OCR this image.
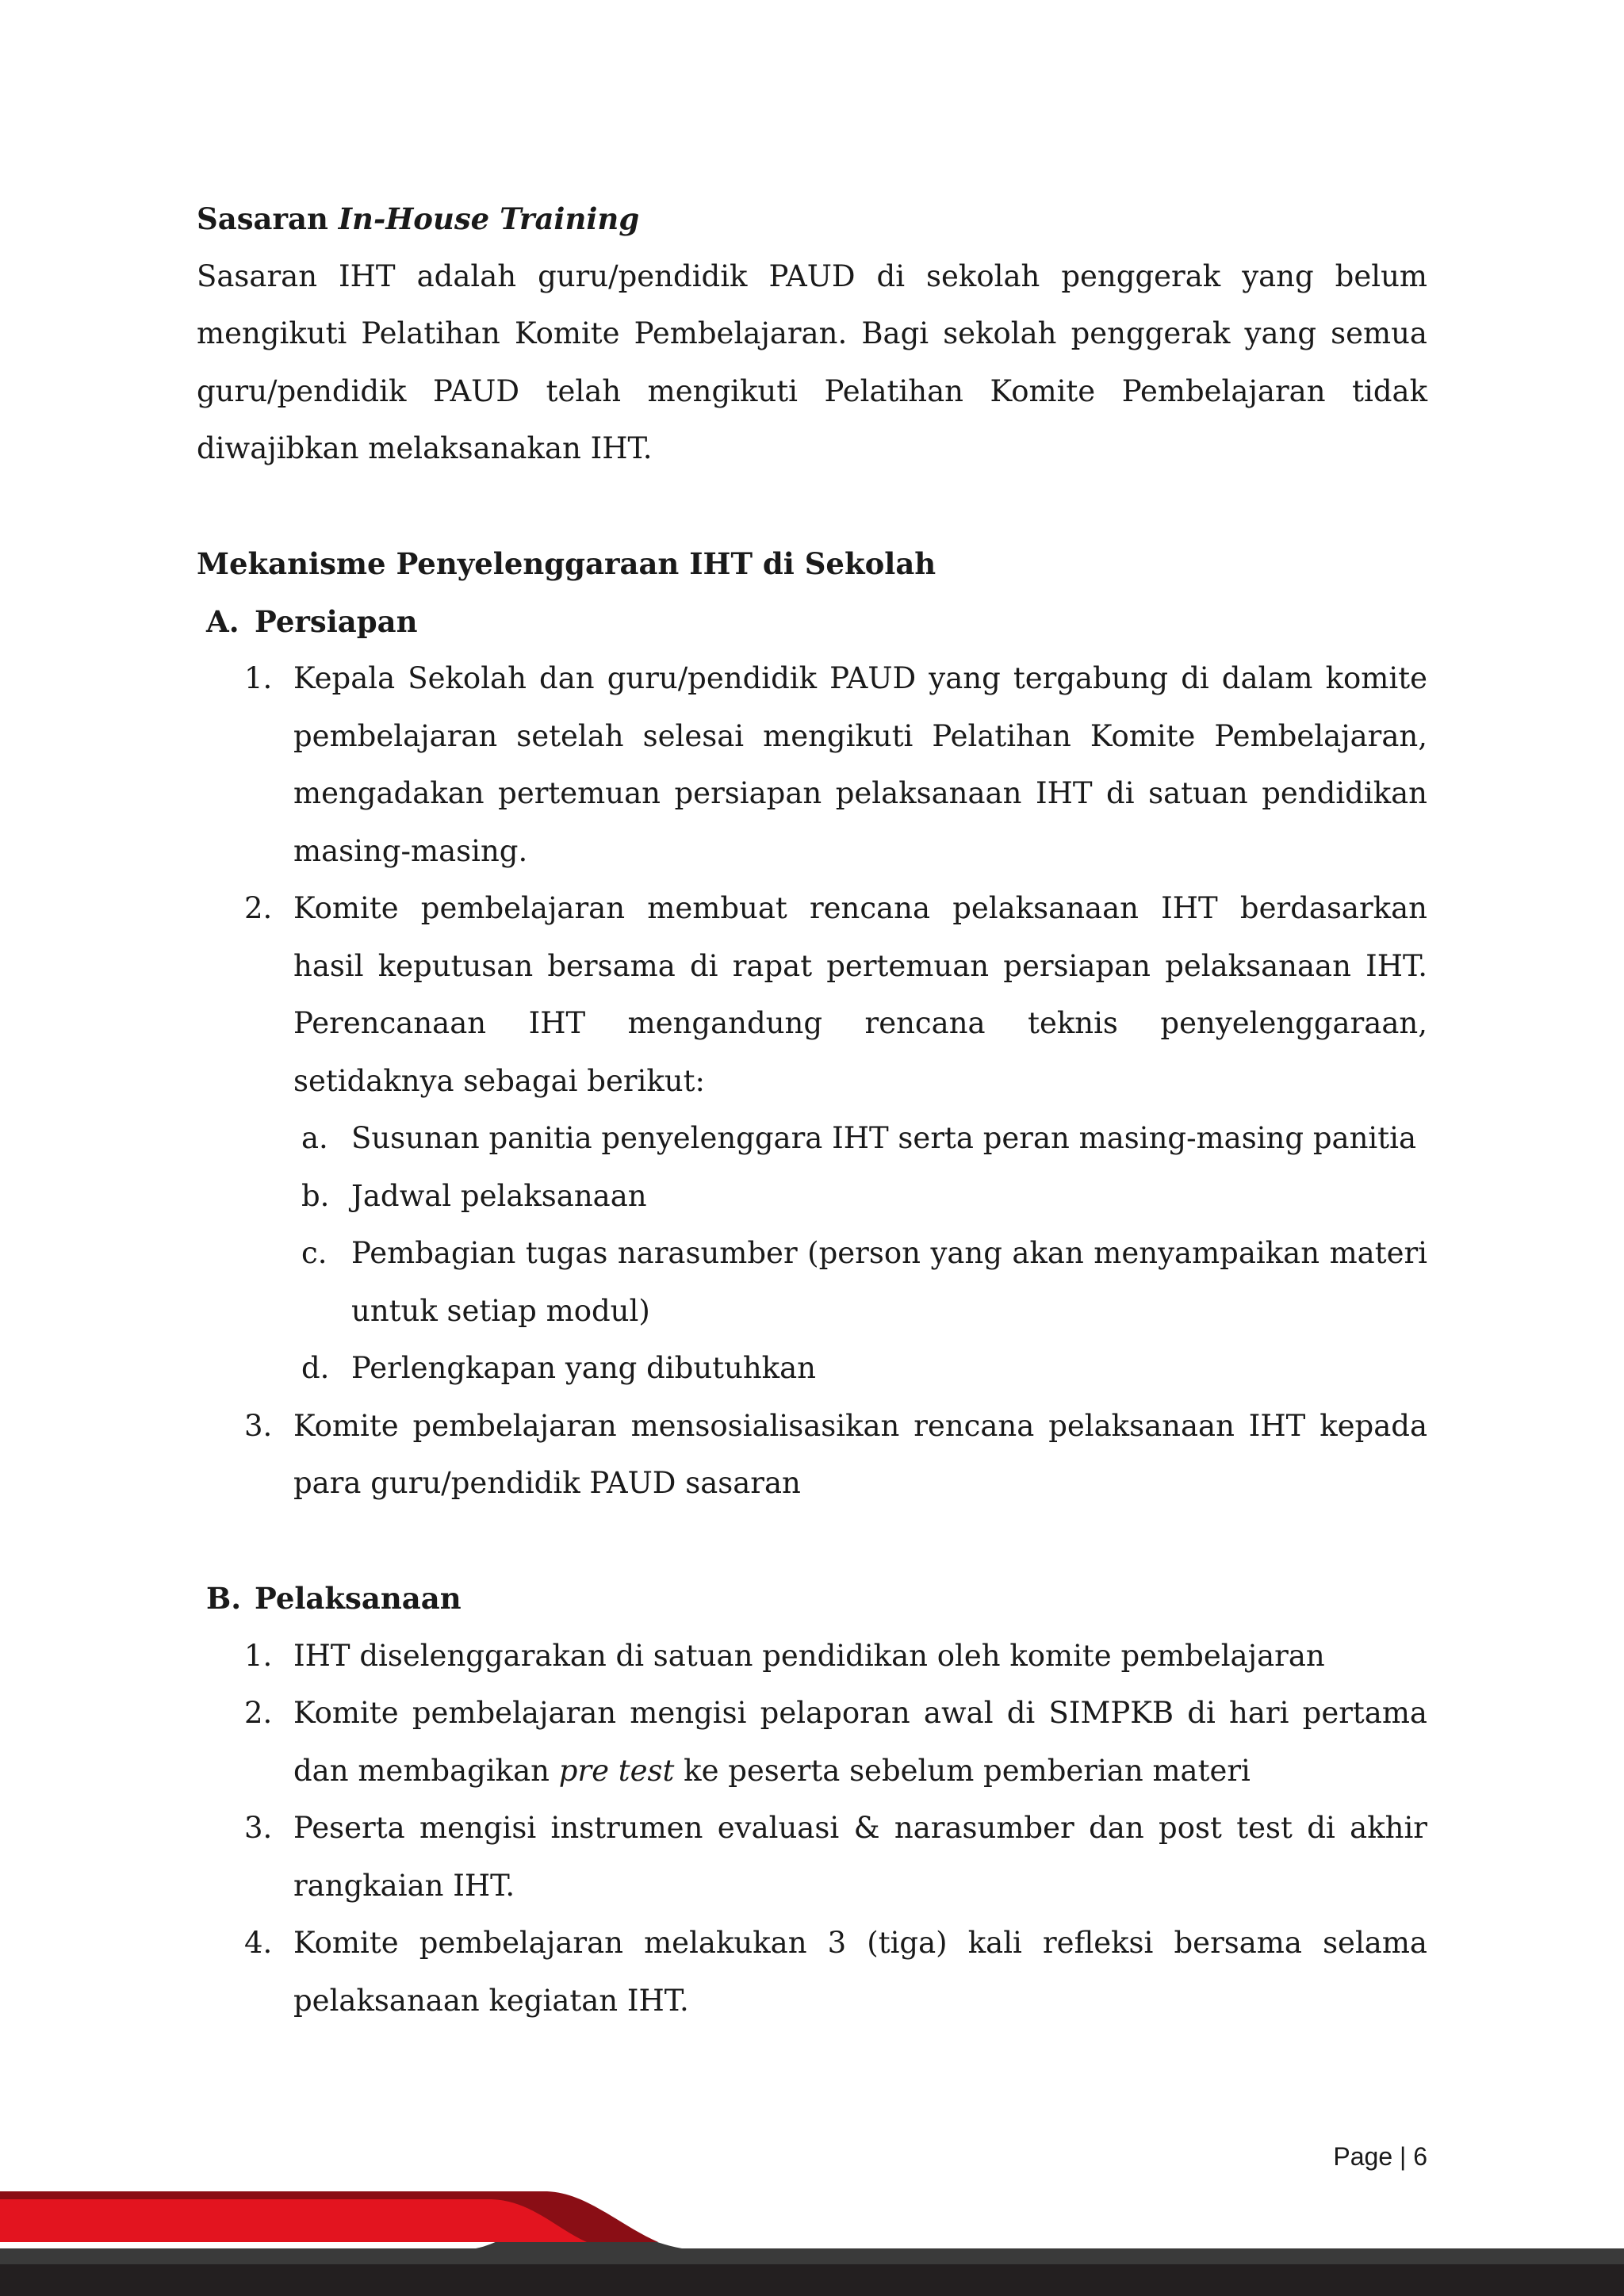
Sasaran In-House Training

Sasaran IHT adalah guru/pendidik PAUD di sekolah penggerak yang belum mengikuti Pelatihan Komite Pembelajaran. Bagi sekolah penggerak yang semua guru/pendidik PAUD telah mengikuti Pelatihan Komite Pembelajaran tidak diwajibkan melaksanakan IHT.

Mekanisme Penyelenggaraan IHT di Sekolah

A. Persiapan

1. Kepala Sekolah dan guru/pendidik PAUD yang tergabung di dalam komite pembelajaran setelah selesai mengikuti Pelatihan Komite Pembelajaran, mengadakan pertemuan persiapan pelaksanaan IHT di satuan pendidikan masing-masing.
2. Komite pembelajaran membuat rencana pelaksanaan IHT berdasarkan hasil keputusan bersama di rapat pertemuan persiapan pelaksanaan IHT. Perencanaan IHT mengandung rencana teknis penyelenggaraan, setidaknya sebagai berikut:
a. Susunan panitia penyelenggara IHT serta peran masing-masing panitia
b. Jadwal pelaksanaan
c. Pembagian tugas narasumber (person yang akan menyampaikan materi untuk setiap modul)
d. Perlengkapan yang dibutuhkan
3. Komite pembelajaran mensosialisasikan rencana pelaksanaan IHT kepada para guru/pendidik PAUD sasaran

B. Pelaksanaan

1. IHT diselenggarakan di satuan pendidikan oleh komite pembelajaran
2. Komite pembelajaran mengisi pelaporan awal di SIMPKB di hari pertama dan membagikan pre test ke peserta sebelum pemberian materi
3. Peserta mengisi instrumen evaluasi & narasumber dan post test di akhir rangkaian IHT.
4. Komite pembelajaran melakukan 3 (tiga) kali refleksi bersama selama pelaksanaan kegiatan IHT.
Page | 6
